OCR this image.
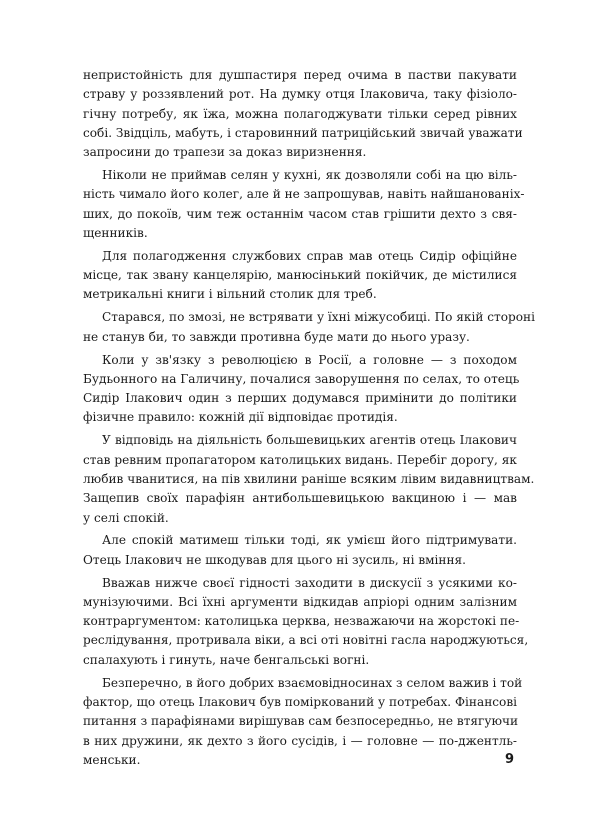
непристойність для душпастиря перед очима в пастви пакувати
страву у роззявлений рот. На думку отця Ілаковича, таку фізіоло-
гічну потребу, як їжа, можна полагоджувати тільки серед рівних
собі. Звідціль, мабуть, і старовинний патриційський звичай уважати
запросини до трапези за доказ виризнення.

Ніколи не приймав селян у кухні, як дозволяли собі на цю віль-
ність чимало його колег, але й не запрошував, навіть найшанованіх-
ших, до покоїв, чим теж останнім часом став грішити дехто з свя-
щенників.

Для полагодження службових справ мав отець Сидір офіційне
місце, так звану канцелярію, манюсінький покійчик, де містилися
метрикальні книги і вільний столик для треб.

Старався, по змозі, не встрявати у їхні міжусобиці. По якій стороні
не станув би, то завжди противна буде мати до нього уразу.

Коли у зв'язку з революцією в Росії, а головне — з походом
Будьонного на Галичину, почалися заворушення по селах, то отець
Сидір Ілакович один з перших додумався примінити до політики
фізичне правило: кожній дії відповідає протидія.

У відповідь на діяльність большевицьких агентів отець Ілакович
став ревним пропагатором католицьких видань. Перебіг дорогу, як
любив чванитися, на пів хвилини раніше всяким лівим видавництвам.
Защепив своїх парафіян антибольшевицькою вакциною і — мав
у селі спокій.

Але спокій матимеш тільки тоді, як умієш його підтримувати.
Отець Ілакович не шкодував для цього ні зусиль, ні вміння.

Вважав нижче своєї гідності заходити в дискусії з усякими ко-
мунізуючими. Всі їхні аргументи відкидав апріорі одним залізним
контраргументом: католицька церква, незважаючи на жорстокі пе-
реслідування, протривала віки, а всі оті новітні гасла народжуються,
спалахують і гинуть, наче бенгальські вогні.

Безперечно, в його добрих взаємовідносинах з селом важив і той
фактор, що отець Ілакович був поміркований у потребах. Фінансові
питання з парафіянами вирішував сам безпосередньо, не втягуючи
в них дружини, як дехто з його сусідів, і — головне — по-джентль-
менськи.	9
